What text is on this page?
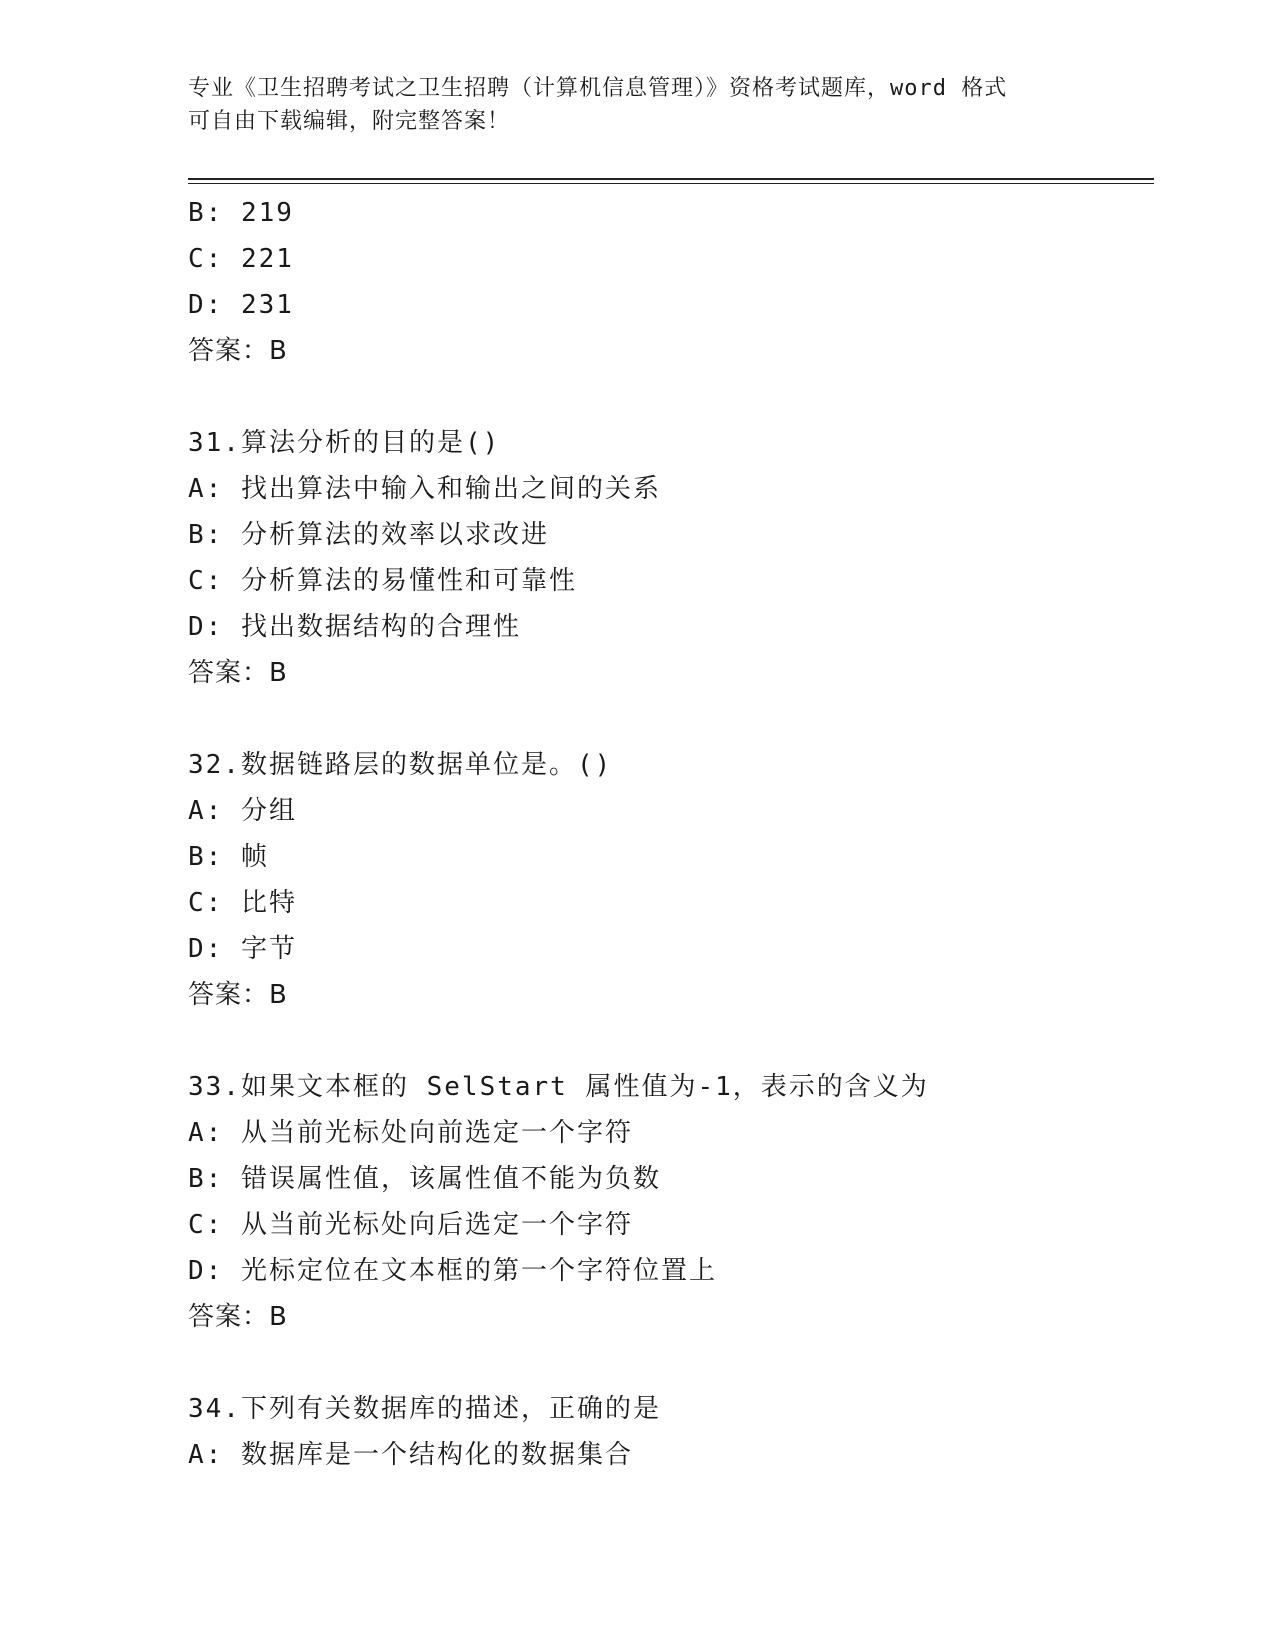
专业《卫生招聘考试之卫生招聘（计算机信息管理）》资格考试题库，word 格式
可自由下载编辑，附完整答案！
B: 219
C: 221
D: 231
答案：B
31.算法分析的目的是()
A: 找出算法中输入和输出之间的关系
B: 分析算法的效率以求改进
C: 分析算法的易懂性和可靠性
D: 找出数据结构的合理性
答案：B
32.数据链路层的数据单位是。()
A: 分组
B: 帧
C: 比特
D: 字节
答案：B
33.如果文本框的 SelStart 属性值为-1，表示的含义为
A: 从当前光标处向前选定一个字符
B: 错误属性值，该属性值不能为负数
C: 从当前光标处向后选定一个字符
D: 光标定位在文本框的第一个字符位置上
答案：B
34.下列有关数据库的描述，正确的是
A: 数据库是一个结构化的数据集合
